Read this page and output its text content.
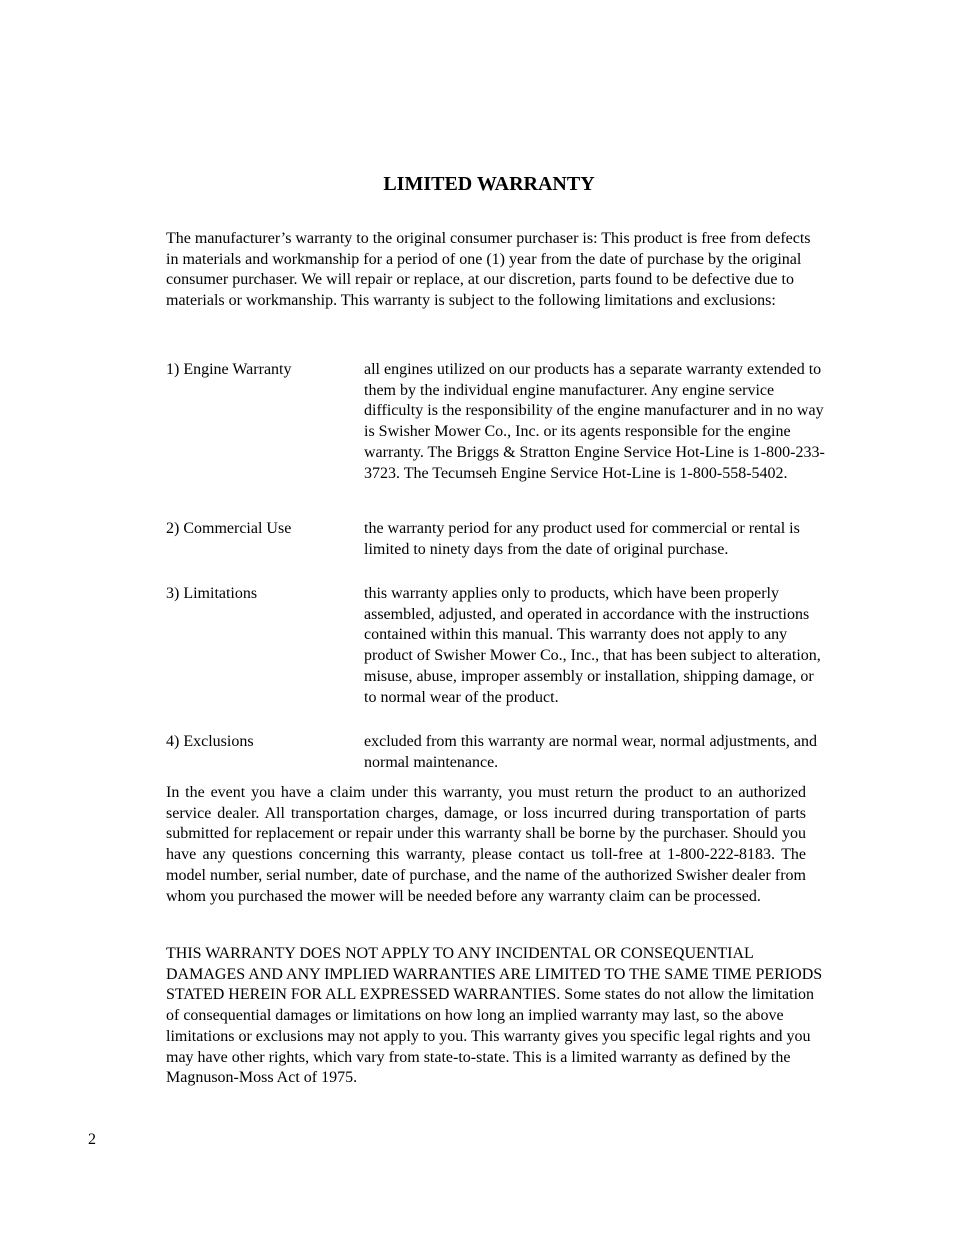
LIMITED WARRANTY
The manufacturer’s warranty to the original consumer purchaser is: This product is free from defects in materials and workmanship for a period of one (1) year from the date of purchase by the original consumer purchaser. We will repair or replace, at our discretion, parts found to be defective due to materials or workmanship. This warranty is subject to the following limitations and exclusions:
1) Engine Warranty	all engines utilized on our products has a separate warranty extended to them by the individual engine manufacturer. Any engine service difficulty is the responsibility of the engine manufacturer and in no way is Swisher Mower Co., Inc. or its agents responsible for the engine warranty. The Briggs & Stratton Engine Service Hot-Line is 1-800-233-3723. The Tecumseh Engine Service Hot-Line is 1-800-558-5402.
2) Commercial Use	the warranty period for any product used for commercial or rental is limited to ninety days from the date of original purchase.
3) Limitations	this warranty applies only to products, which have been properly assembled, adjusted, and operated in accordance with the instructions contained within this manual. This warranty does not apply to any product of Swisher Mower Co., Inc., that has been subject to alteration, misuse, abuse, improper assembly or installation, shipping damage, or to normal wear of the product.
4) Exclusions	excluded from this warranty are normal wear, normal adjustments, and normal maintenance.
In the event you have a claim under this warranty, you must return the product to an authorized service dealer. All transportation charges, damage, or loss incurred during transportation of parts submitted for replacement or repair under this warranty shall be borne by the purchaser. Should you have any questions concerning this warranty, please contact us toll-free at 1-800-222-8183. The model number, serial number, date of purchase, and the name of the authorized Swisher dealer from whom you purchased the mower will be needed before any warranty claim can be processed.
THIS WARRANTY DOES NOT APPLY TO ANY INCIDENTAL OR CONSEQUENTIAL DAMAGES AND ANY IMPLIED WARRANTIES ARE LIMITED TO THE SAME TIME PERIODS STATED HEREIN FOR ALL EXPRESSED WARRANTIES. Some states do not allow the limitation of consequential damages or limitations on how long an implied warranty may last, so the above limitations or exclusions may not apply to you. This warranty gives you specific legal rights and you may have other rights, which vary from state-to-state. This is a limited warranty as defined by the Magnuson-Moss Act of 1975.
2
